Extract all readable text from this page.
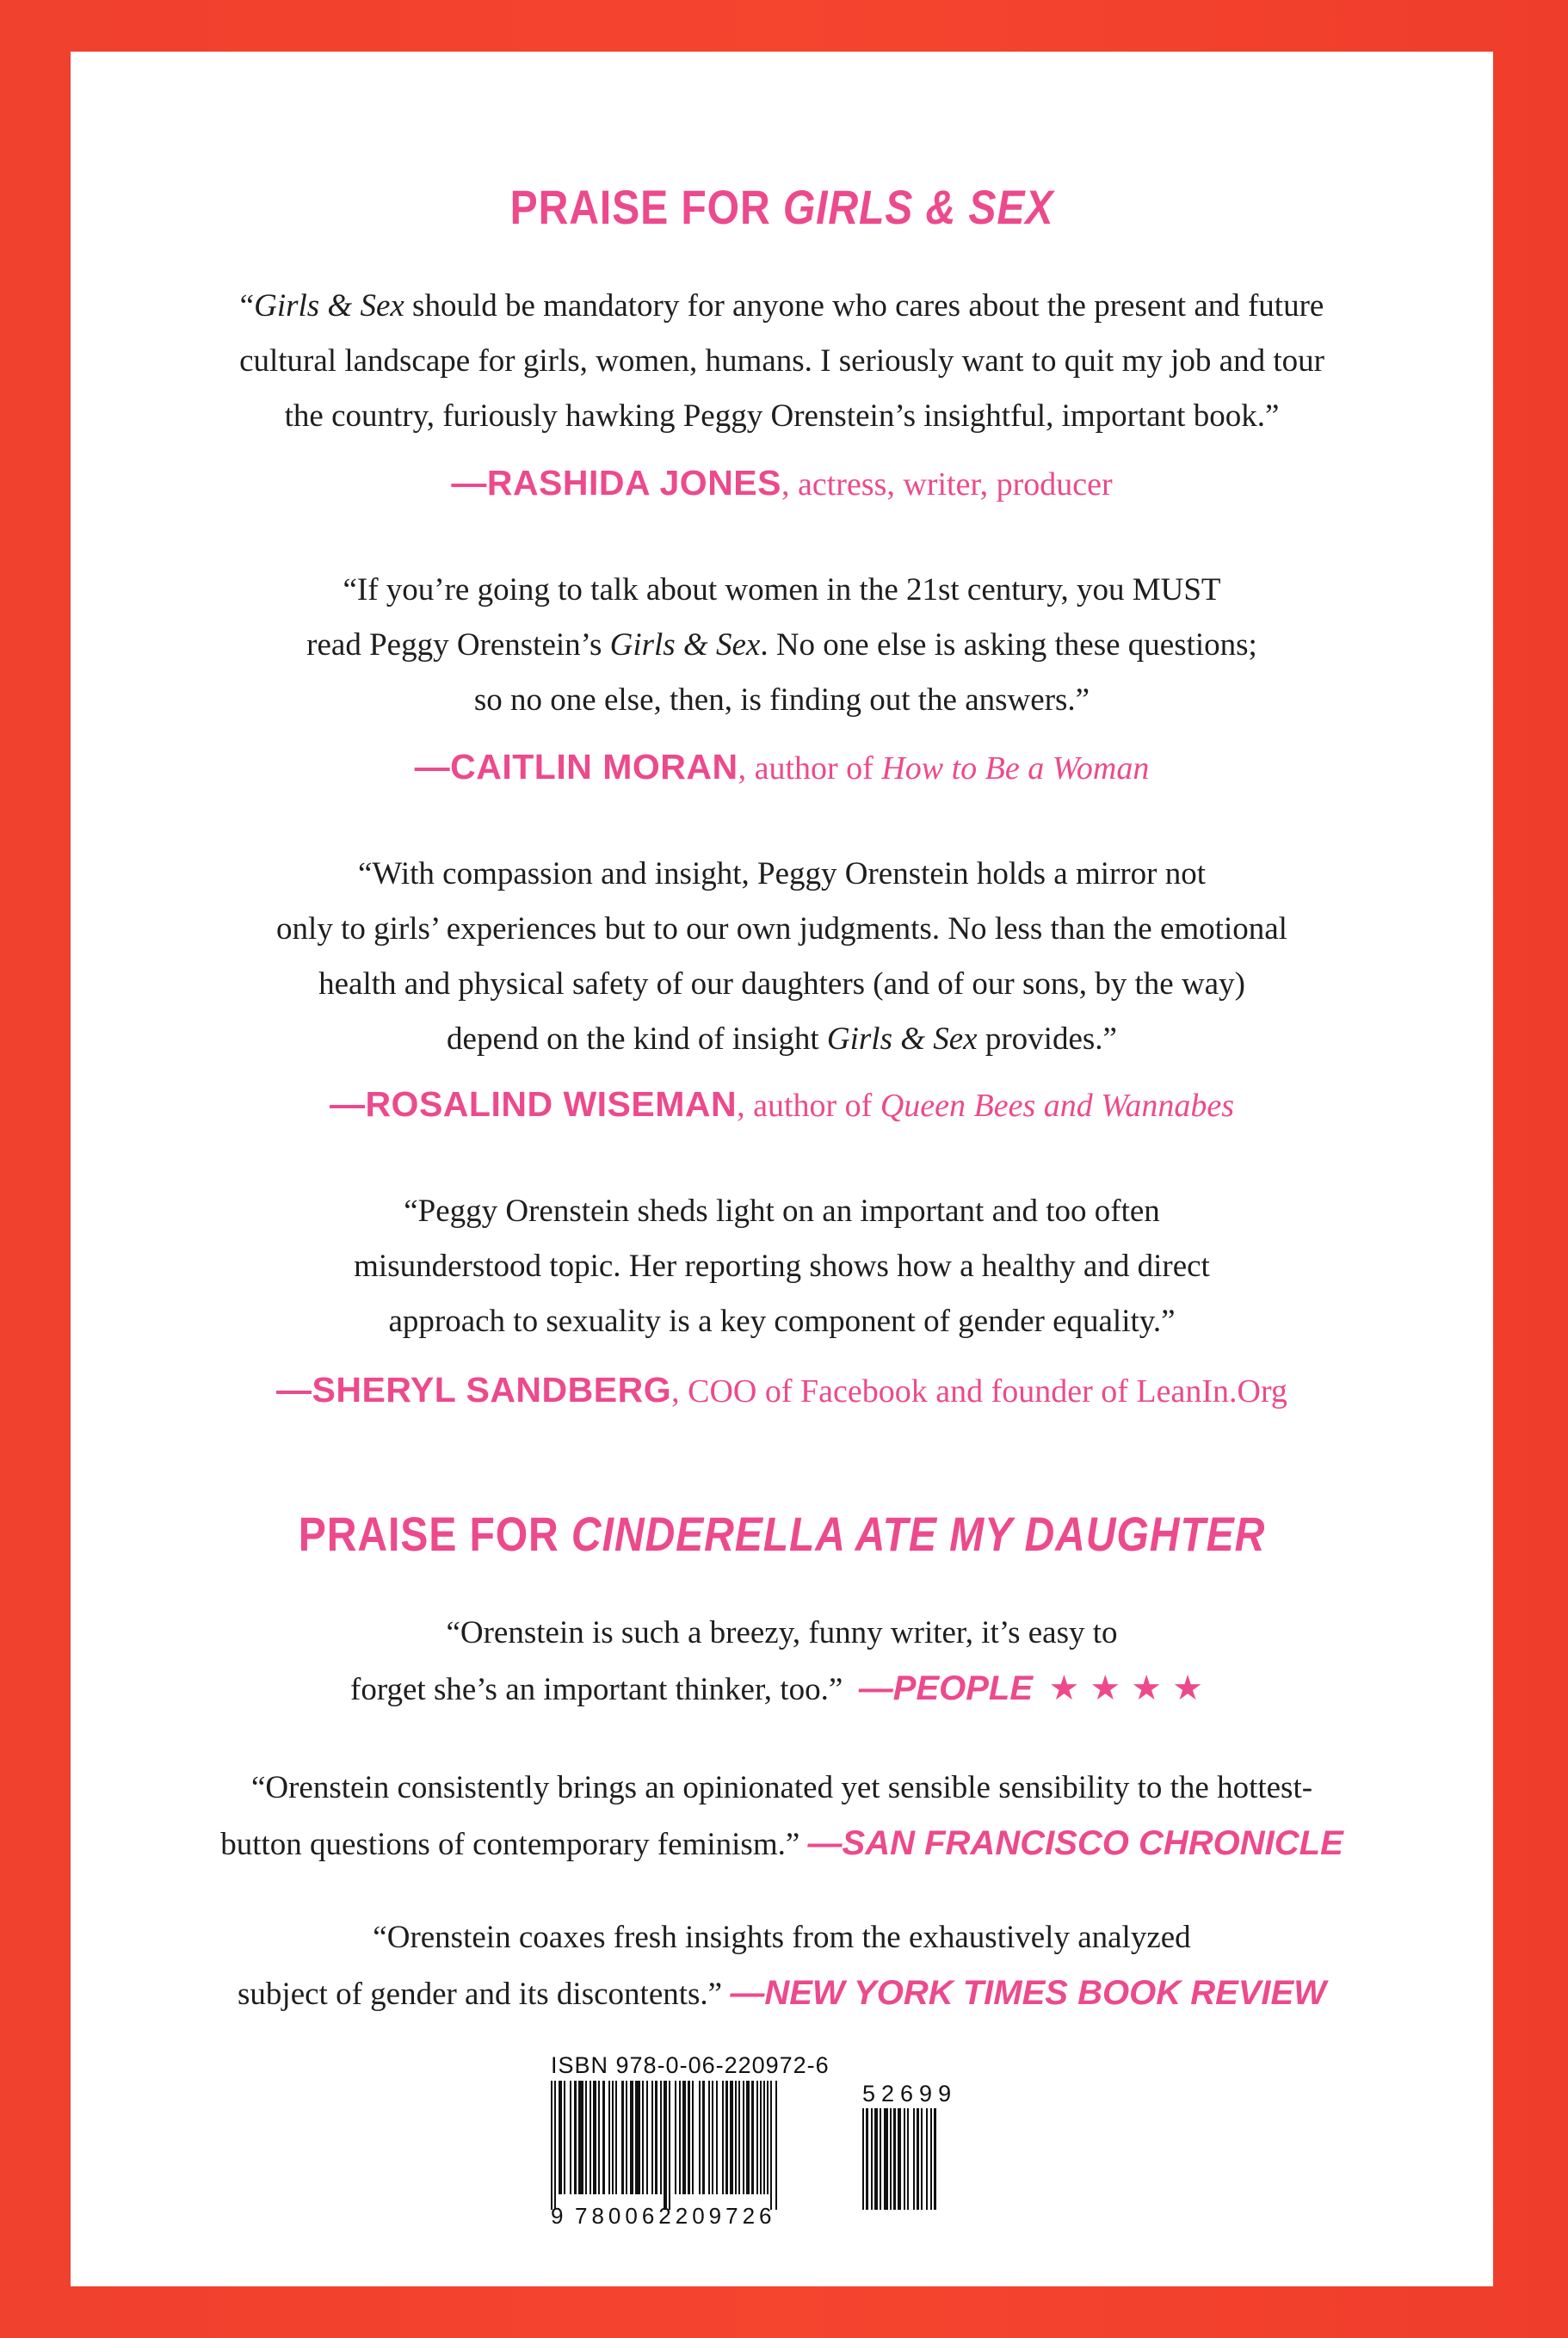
PRAISE FOR GIRLS & SEX
“Girls & Sex should be mandatory for anyone who cares about the present and future
cultural landscape for girls, women, humans. I seriously want to quit my job and tour
the country, furiously hawking Peggy Orenstein’s insightful, important book.”
—RASHIDA JONES, actress, writer, producer
“If you’re going to talk about women in the 21st century, you MUST
read Peggy Orenstein’s Girls & Sex. No one else is asking these questions;
so no one else, then, is finding out the answers.”
—CAITLIN MORAN, author of How to Be a Woman
“With compassion and insight, Peggy Orenstein holds a mirror not
only to girls’ experiences but to our own judgments. No less than the emotional
health and physical safety of our daughters (and of our sons, by the way)
depend on the kind of insight Girls & Sex provides.”
—ROSALIND WISEMAN, author of Queen Bees and Wannabes
“Peggy Orenstein sheds light on an important and too often
misunderstood topic. Her reporting shows how a healthy and direct
approach to sexuality is a key component of gender equality.”
—SHERYL SANDBERG, COO of Facebook and founder of LeanIn.Org
PRAISE FOR CINDERELLA ATE MY DAUGHTER
“Orenstein is such a breezy, funny writer, it’s easy to
forget she’s an important thinker, too.” —PEOPLE ★★★★
“Orenstein consistently brings an opinionated yet sensible sensibility to the hottest-
button questions of contemporary feminism.” —SAN FRANCISCO CHRONICLE
“Orenstein coaxes fresh insights from the exhaustively analyzed
subject of gender and its discontents.” —NEW YORK TIMES BOOK REVIEW
ISBN 978-0-06-220972-6
9 780062209726
52699
